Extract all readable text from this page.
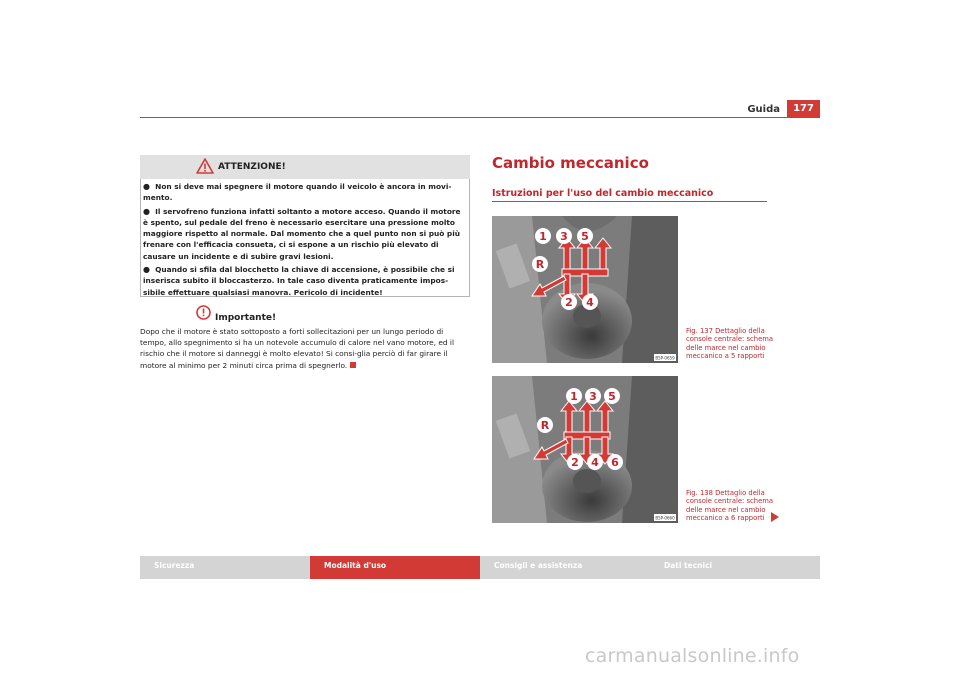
Guida	177
ATTENZIONE!

● Non si deve mai spegnere il motore quando il veicolo è ancora in movi-mento.

● Il servofreno funziona infatti soltanto a motore acceso. Quando il motore è spento, sul pedale del freno è necessario esercitare una pressione molto maggiore rispetto al normale. Dal momento che a quel punto non si può più frenare con l'efficacia consueta, ci si espone a un rischio più elevato di causare un incidente e di subire gravi lesioni.

● Quando si sfila dal blocchetto la chiave di accensione, è possibile che si inserisca subito il bloccasterzo. In tale caso diventa praticamente impos-sibile effettuare qualsiasi manovra. Pericolo di incidente!

Importante!
Dopo che il motore è stato sottoposto a forti sollecitazioni per un lungo periodo di tempo, allo spegnimento si ha un notevole accumulo di calore nel vano motore, ed il rischio che il motore si danneggi è molto elevato! Si consi-glia perciò di far girare il motore al minimo per 2 minuti circa prima di spegnerlo.
Cambio meccanico
Istruzioni per l'uso del cambio meccanico
1 3 5
2 4
R
B5P-0659
Fig. 137 Dettaglio della console centrale: schema delle marce nel cambio meccanico a 5 rapporti
1 3 5
2 4 6
R
B5P-0660
Fig. 138 Dettaglio della console centrale: schema delle marce nel cambio meccanico a 6 rapporti
Sicurezza	Modalità d'uso	Consigli e assistenza	Dati tecnici
carmanualsonline.info
